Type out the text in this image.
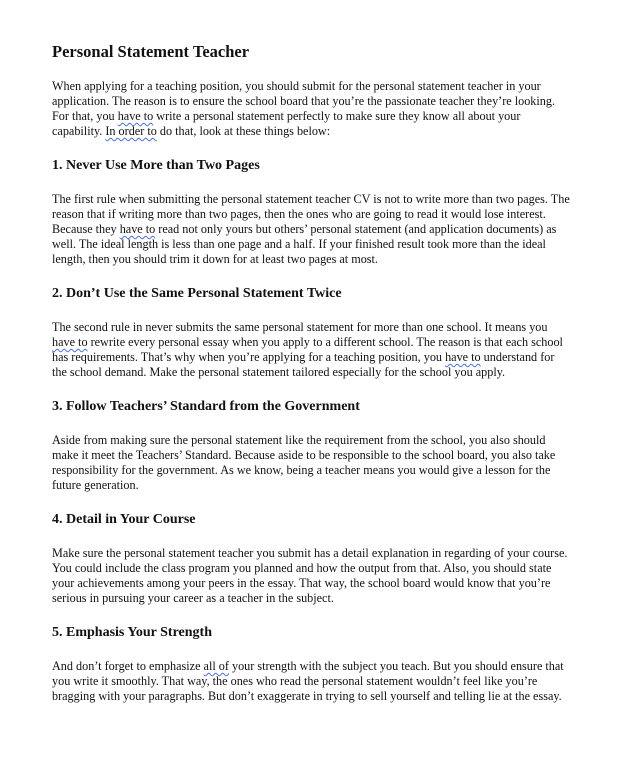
Personal Statement Teacher

When applying for a teaching position, you should submit for the personal statement teacher in your application. The reason is to ensure the school board that you’re the passionate teacher they’re looking. For that, you have to write a personal statement perfectly to make sure they know all about your capability. In order to do that, look at these things below:

1. Never Use More than Two Pages

The first rule when submitting the personal statement teacher CV is not to write more than two pages. The reason that if writing more than two pages, then the ones who are going to read it would lose interest. Because they have to read not only yours but others’ personal statement (and application documents) as well. The ideal length is less than one page and a half. If your finished result took more than the ideal length, then you should trim it down for at least two pages at most.

2. Don’t Use the Same Personal Statement Twice

The second rule in never submits the same personal statement for more than one school. It means you have to rewrite every personal essay when you apply to a different school. The reason is that each school has requirements. That’s why when you’re applying for a teaching position, you have to understand for the school demand. Make the personal statement tailored especially for the school you apply.

3. Follow Teachers’ Standard from the Government

Aside from making sure the personal statement like the requirement from the school, you also should make it meet the Teachers’ Standard. Because aside to be responsible to the school board, you also take responsibility for the government. As we know, being a teacher means you would give a lesson for the future generation.

4. Detail in Your Course

Make sure the personal statement teacher you submit has a detail explanation in regarding of your course. You could include the class program you planned and how the output from that. Also, you should state your achievements among your peers in the essay. That way, the school board would know that you’re serious in pursuing your career as a teacher in the subject.

5. Emphasis Your Strength

And don’t forget to emphasize all of your strength with the subject you teach. But you should ensure that you write it smoothly. That way, the ones who read the personal statement wouldn’t feel like you’re bragging with your paragraphs. But don’t exaggerate in trying to sell yourself and telling lie at the essay.
